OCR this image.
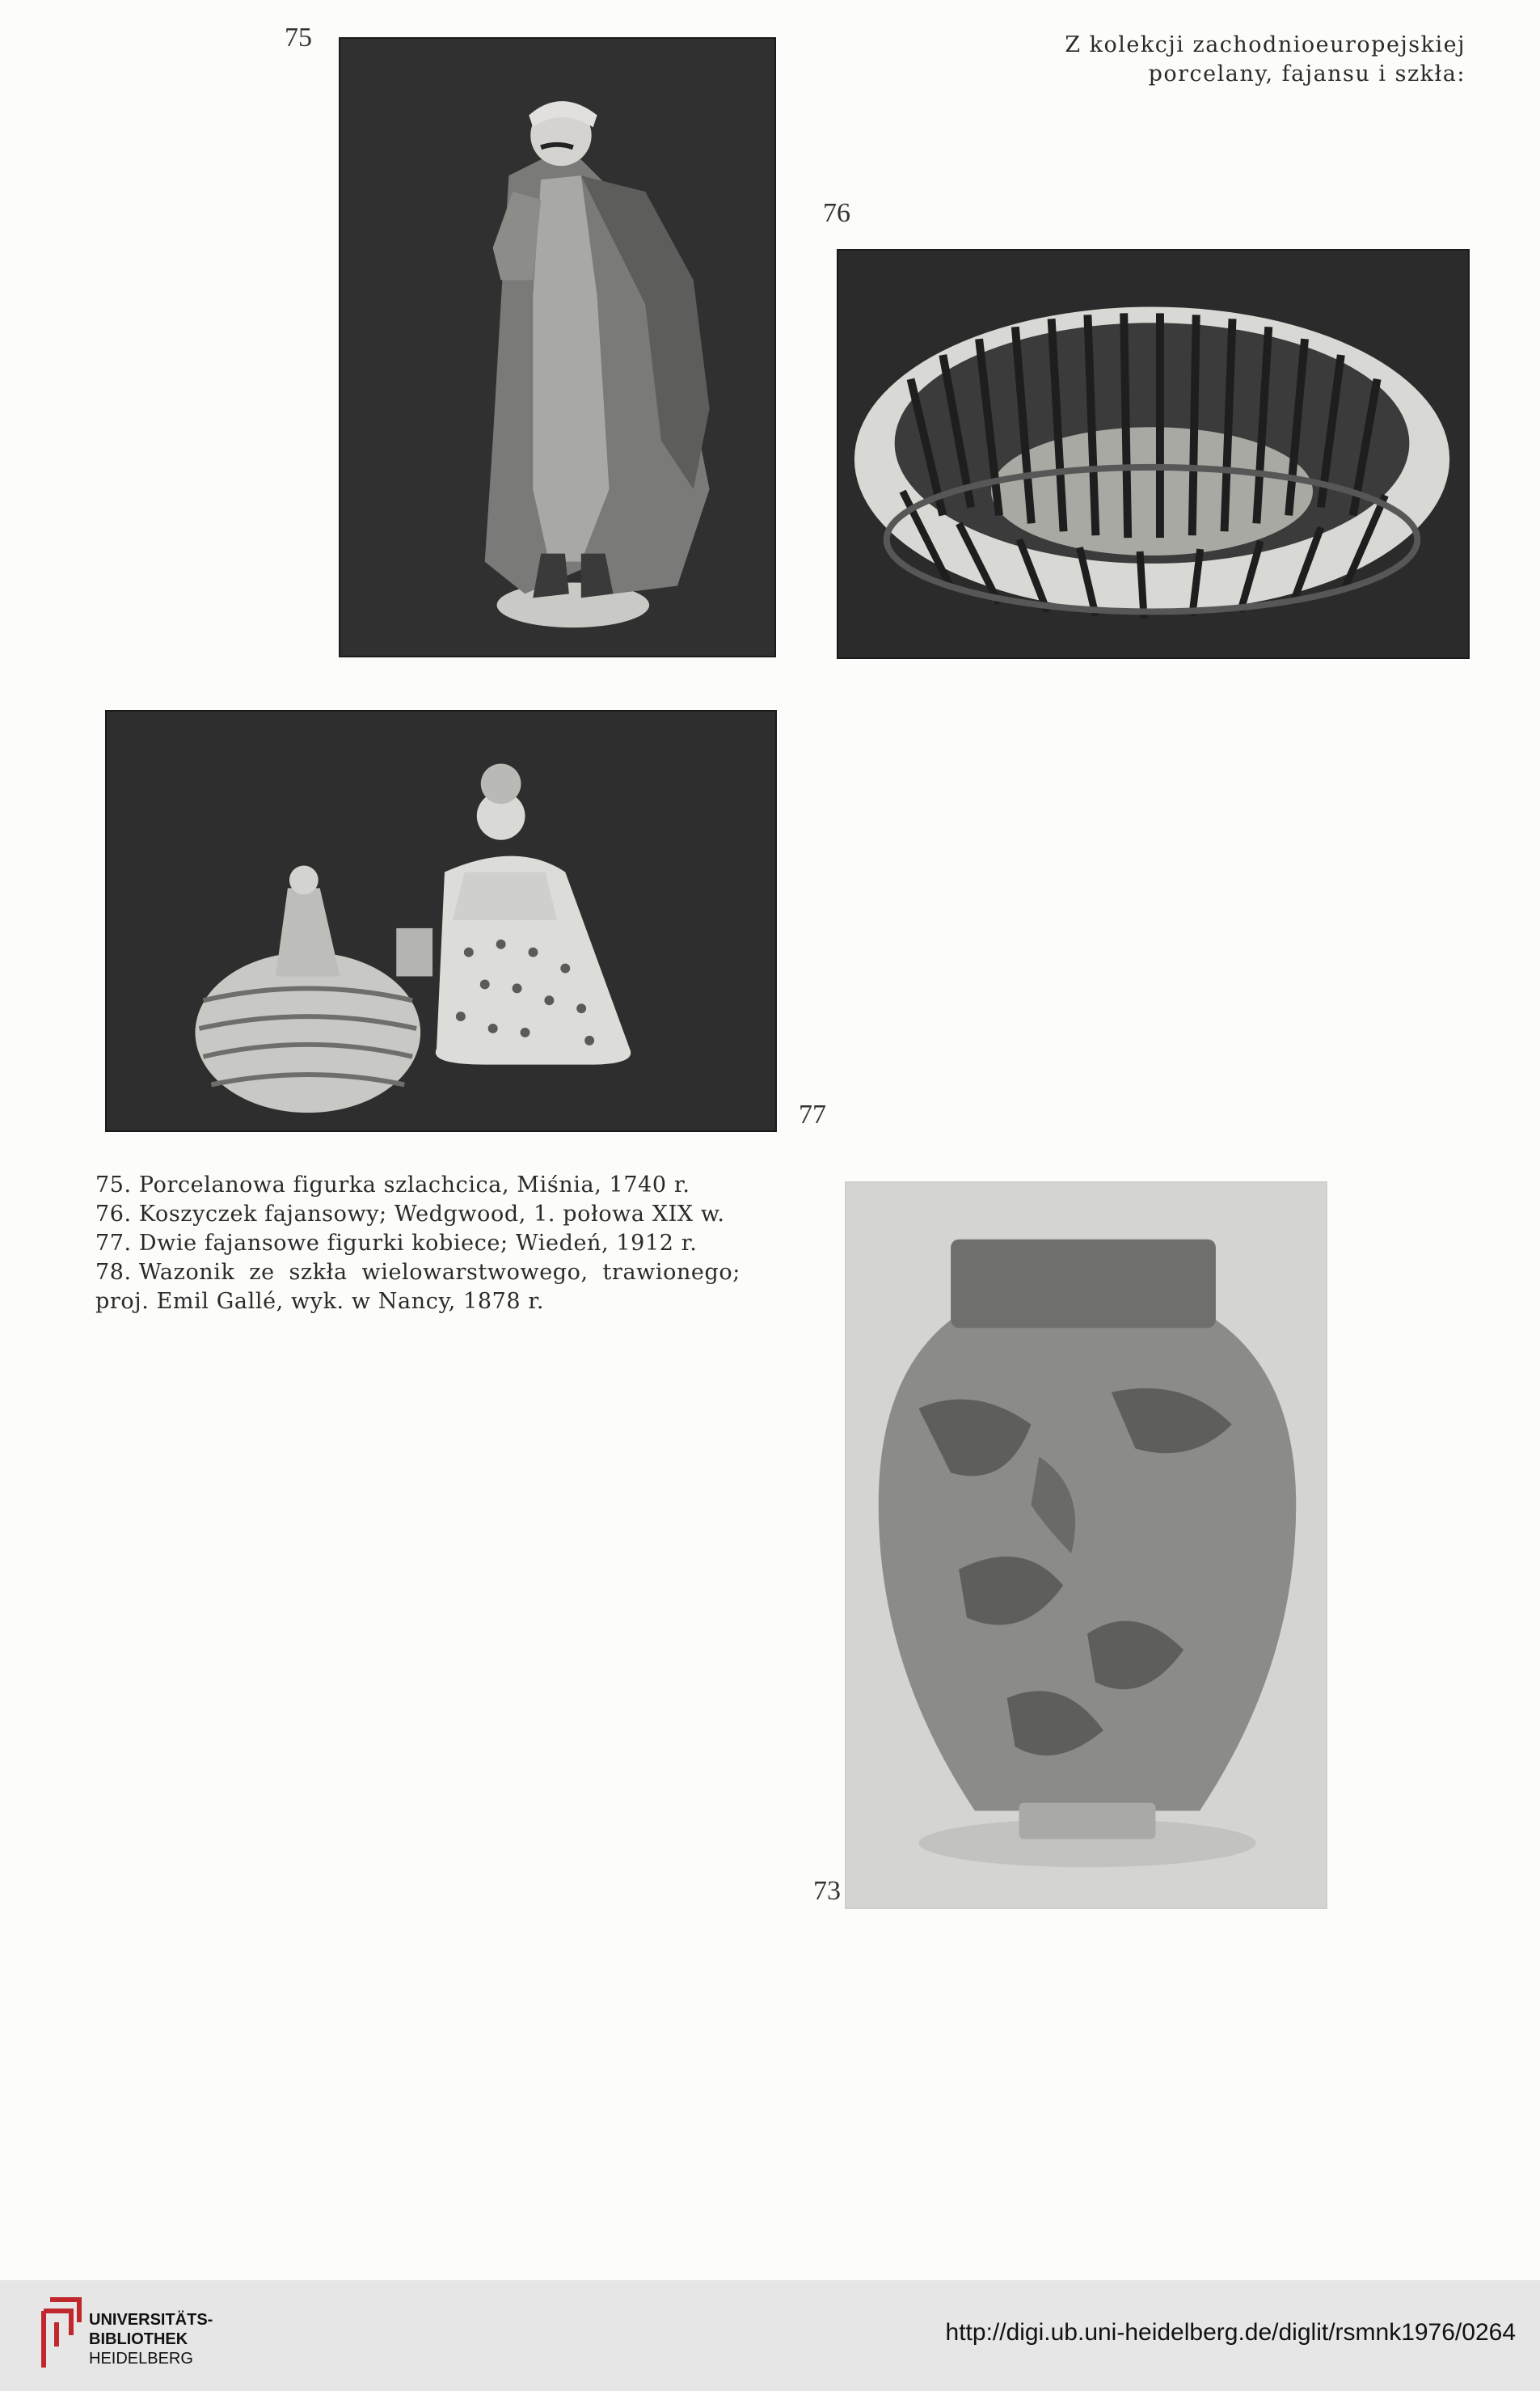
75	Z kolekcji zachodnioeuropejskiej
porcelany, fajansu i szkła:
76
77
75. Porcelanowa figurka szlachcica, Miśnia, 1740 r.
76. Koszyczek fajansowy; Wedgwood, 1. połowa XIX w.
77. Dwie fajansowe figurki kobiece; Wiedeń, 1912 r.
78. Wazonik ze szkła wielowarstwowego, trawionego;
proj. Emil Gallé, wyk. w Nancy, 1878 r.
73
UNIVERSITÄTS-
BIBLIOTHEK
HEIDELBERG
http://digi.ub.uni-heidelberg.de/diglit/rsmnk1976/0264
